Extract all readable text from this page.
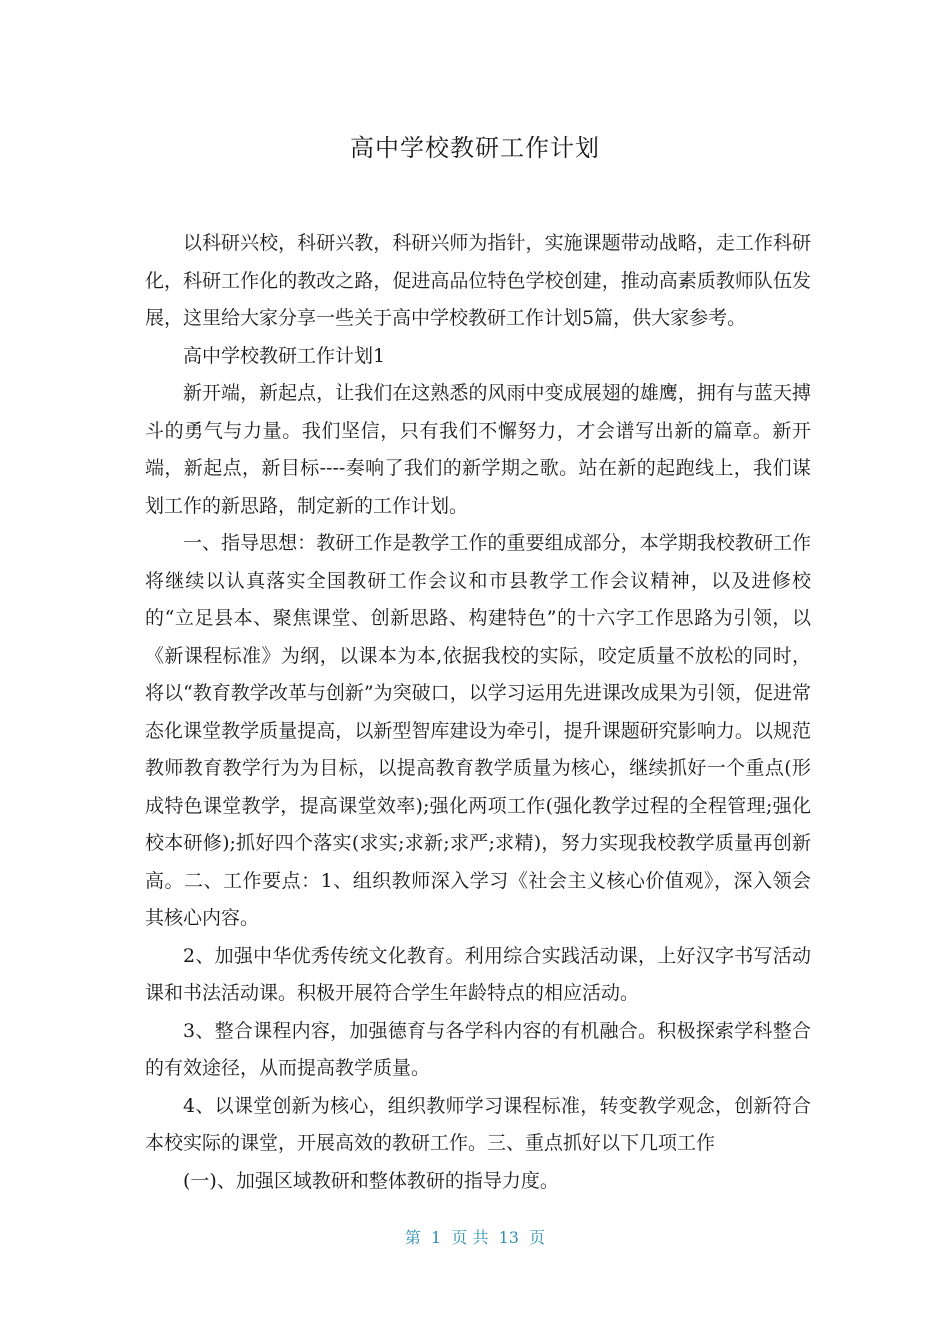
高中学校教研工作计划

以科研兴校，科研兴教，科研兴师为指针，实施课题带动战略，走工作科研化，科研工作化的教改之路，促进高品位特色学校创建，推动高素质教师队伍发展，这里给大家分享一些关于高中学校教研工作计划5篇，供大家参考。

高中学校教研工作计划1

新开端，新起点，让我们在这熟悉的风雨中变成展翅的雄鹰，拥有与蓝天搏斗的勇气与力量。我们坚信，只有我们不懈努力，才会谱写出新的篇章。新开端，新起点，新目标----奏响了我们的新学期之歌。站在新的起跑线上，我们谋划工作的新思路，制定新的工作计划。

一、指导思想：教研工作是教学工作的重要组成部分，本学期我校教研工作将继续以认真落实全国教研工作会议和市县教学工作会议精神，以及进修校的“立足县本、聚焦课堂、创新思路、构建特色”的十六字工作思路为引领，以《新课程标准》为纲，以课本为本,依据我校的实际，咬定质量不放松的同时，将以“教育教学改革与创新”为突破口，以学习运用先进课改成果为引领，促进常态化课堂教学质量提高，以新型智库建设为牵引，提升课题研究影响力。以规范教师教育教学行为为目标，以提高教育教学质量为核心，继续抓好一个重点(形成特色课堂教学，提高课堂效率);强化两项工作(强化教学过程的全程管理;强化校本研修);抓好四个落实(求实;求新;求严;求精)，努力实现我校教学质量再创新高。二、工作要点：1、组织教师深入学习《社会主义核心价值观》，深入领会其核心内容。

2、加强中华优秀传统文化教育。利用综合实践活动课，上好汉字书写活动课和书法活动课。积极开展符合学生年龄特点的相应活动。

3、整合课程内容，加强德育与各学科内容的有机融合。积极探索学科整合的有效途径，从而提高教学质量。

4、以课堂创新为核心，组织教师学习课程标准，转变教学观念，创新符合本校实际的课堂，开展高效的教研工作。三、重点抓好以下几项工作

(一)、加强区域教研和整体教研的指导力度。

第  1  页 共  13  页
